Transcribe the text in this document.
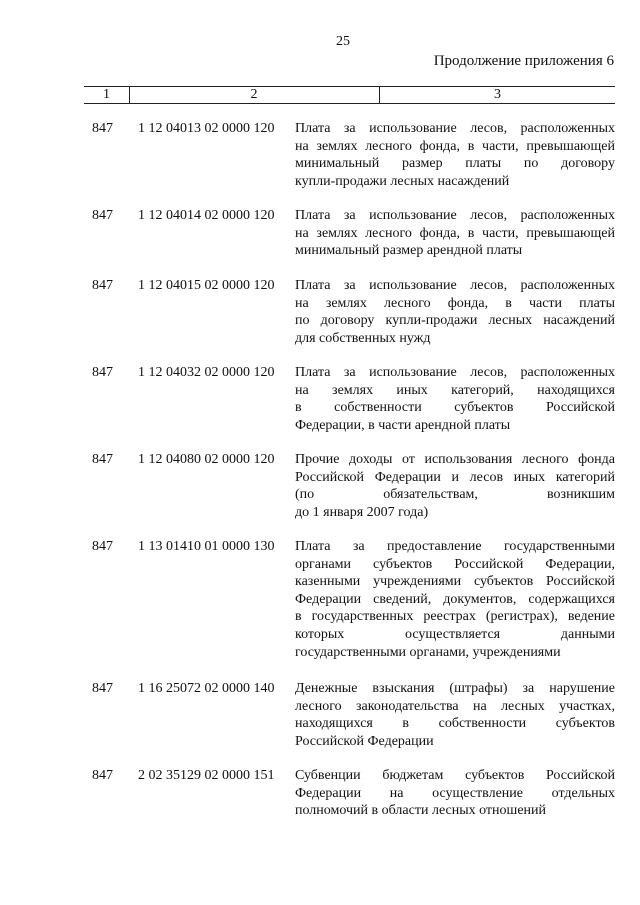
25
Продолжение приложения 6
1	2	3
847	1 12 04013 02 0000 120	Плата за использование лесов, расположенных
на землях лесного фонда, в части, превышающей
минимальный размер платы по договору
купли-продажи лесных насаждений
847	1 12 04014 02 0000 120	Плата за использование лесов, расположенных
на землях лесного фонда, в части, превышающей
минимальный размер арендной платы
847	1 12 04015 02 0000 120	Плата за использование лесов, расположенных
на землях лесного фонда, в части платы
по договору купли-продажи лесных насаждений
для собственных нужд
847	1 12 04032 02 0000 120	Плата за использование лесов, расположенных
на землях иных категорий, находящихся
в собственности субъектов Российской
Федерации, в части арендной платы
847	1 12 04080 02 0000 120	Прочие доходы от использования лесного фонда
Российской Федерации и лесов иных категорий
(по обязательствам, возникшим
до 1 января 2007 года)
847	1 13 01410 01 0000 130	Плата за предоставление государственными
органами субъектов Российской Федерации,
казенными учреждениями субъектов Российской
Федерации сведений, документов, содержащихся
в государственных реестрах (регистрах), ведение
которых осуществляется данными
государственными органами, учреждениями
847	1 16 25072 02 0000 140	Денежные взыскания (штрафы) за нарушение
лесного законодательства на лесных участках,
находящихся в собственности субъектов
Российской Федерации
847	2 02 35129 02 0000 151	Субвенции бюджетам субъектов Российской
Федерации на осуществление отдельных
полномочий в области лесных отношений
